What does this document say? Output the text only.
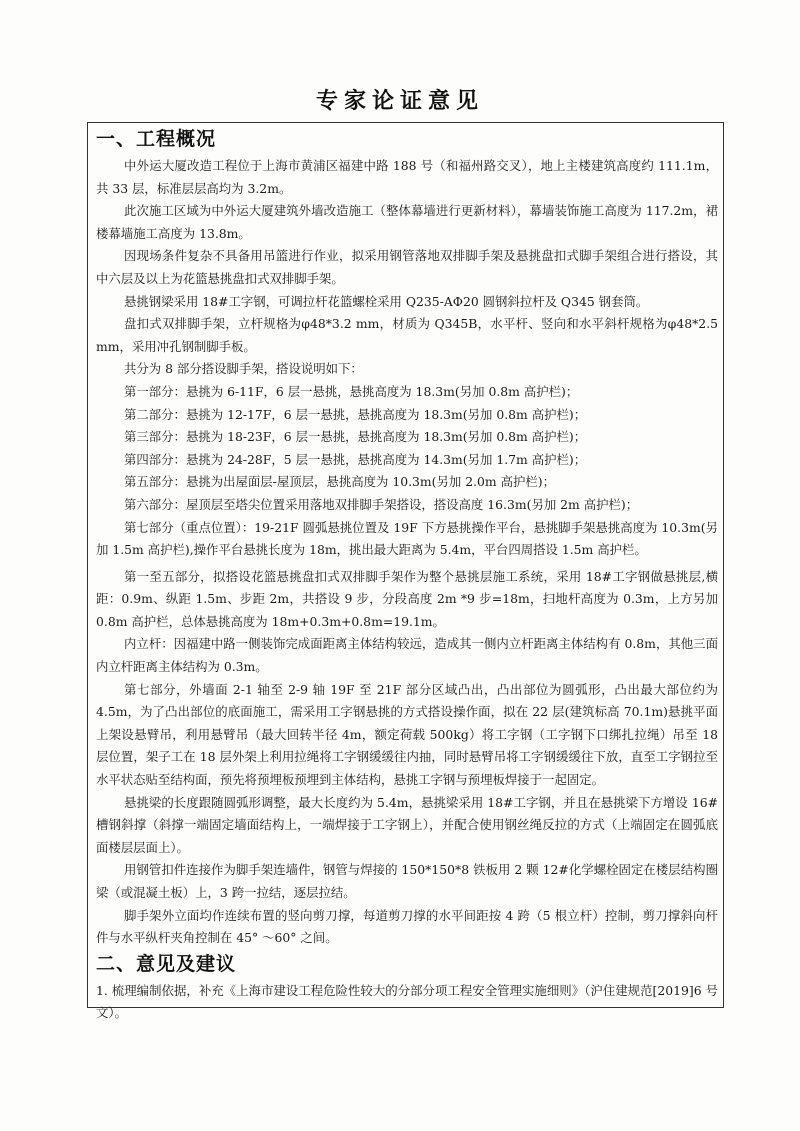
专家论证意见
一、工程概况

中外运大厦改造工程位于上海市黄浦区福建中路 188 号（和福州路交叉），地上主楼建筑高度约 111.1m，共 33 层，标准层层高均为 3.2m。

此次施工区域为中外运大厦建筑外墙改造施工（整体幕墙进行更新材料），幕墙装饰施工高度为 117.2m，裙楼幕墙施工高度为 13.8m。

因现场条件复杂不具备用吊篮进行作业，拟采用钢管落地双排脚手架及悬挑盘扣式脚手架组合进行搭设，其中六层及以上为花篮悬挑盘扣式双排脚手架。

悬挑钢梁采用 18#工字钢，可调拉杆花篮螺栓采用 Q235-AΦ20 圆钢斜拉杆及 Q345 钢套筒。

盘扣式双排脚手架，立杆规格为φ48*3.2 mm，材质为 Q345B，水平杆、竖向和水平斜杆规格为φ48*2.5 mm，采用冲孔钢制脚手板。

共分为 8 部分搭设脚手架，搭设说明如下：

第一部分：悬挑为 6-11F，6 层一悬挑，悬挑高度为 18.3m(另加 0.8m 高护栏)；

第二部分：悬挑为 12-17F，6 层一悬挑，悬挑高度为 18.3m(另加 0.8m 高护栏)；

第三部分：悬挑为 18-23F，6 层一悬挑，悬挑高度为 18.3m(另加 0.8m 高护栏)；

第四部分：悬挑为 24-28F，5 层一悬挑，悬挑高度为 14.3m(另加 1.7m 高护栏)；

第五部分：悬挑为出屋面层-屋顶层，悬挑高度为 10.3m(另加 2.0m 高护栏)；

第六部分：屋顶层至塔尖位置采用落地双排脚手架搭设，搭设高度 16.3m(另加 2m 高护栏)；

第七部分（重点位置）：19-21F 圆弧悬挑位置及 19F 下方悬挑操作平台，悬挑脚手架悬挑高度为 10.3m(另加 1.5m 高护栏),操作平台悬挑长度为 18m，挑出最大距离为 5.4m，平台四周搭设 1.5m 高护栏。

第一至五部分，拟搭设花篮悬挑盘扣式双排脚手架作为整个悬挑层施工系统，采用 18#工字钢做悬挑层,横距：0.9m、纵距 1.5m、步距 2m，共搭设 9 步，分段高度 2m *9 步=18m，扫地杆高度为 0.3m，上方另加 0.8m 高护栏，总体悬挑高度为 18m+0.3m+0.8m=19.1m。

内立杆：因福建中路一侧装饰完成面距离主体结构较远，造成其一侧内立杆距离主体结构有 0.8m，其他三面内立杆距离主体结构为 0.3m。

第七部分，外墙面 2-1 轴至 2-9 轴 19F 至 21F 部分区域凸出，凸出部位为圆弧形，凸出最大部位约为 4.5m，为了凸出部位的底面施工，需采用工字钢悬挑的方式搭设操作面，拟在 22 层(建筑标高 70.1m)悬挑平面上架设悬臂吊，利用悬臂吊（最大回转半径 4m，额定荷载 500kg）将工字钢（工字钢下口绑扎拉绳）吊至 18 层位置，架子工在 18 层外架上利用拉绳将工字钢缓缓往内抽，同时悬臂吊将工字钢缓缓往下放，直至工字钢拉至水平状态贴至结构面，预先将预埋板预埋到主体结构，悬挑工字钢与预埋板焊接于一起固定。

悬挑梁的长度跟随圆弧形调整，最大长度约为 5.4m，悬挑梁采用 18#工字钢，并且在悬挑梁下方增设 16#槽钢斜撑（斜撑一端固定墙面结构上，一端焊接于工字钢上），并配合使用钢丝绳反拉的方式（上端固定在圆弧底面楼层层面上）。

用钢管扣件连接作为脚手架连墙件，钢管与焊接的 150*150*8 铁板用 2 颗 12#化学螺栓固定在楼层结构圈梁（或混凝土板）上，3 跨一拉结，逐层拉结。

脚手架外立面均作连续布置的竖向剪刀撑，每道剪刀撑的水平间距按 4 跨（5 根立杆）控制，剪刀撑斜向杆件与水平纵杆夹角控制在 45° ～60° 之间。

二、意见及建议

1. 梳理编制依据，补充《上海市建设工程危险性较大的分部分项工程安全管理实施细则》（沪住建规范[2019]6 号文）。
